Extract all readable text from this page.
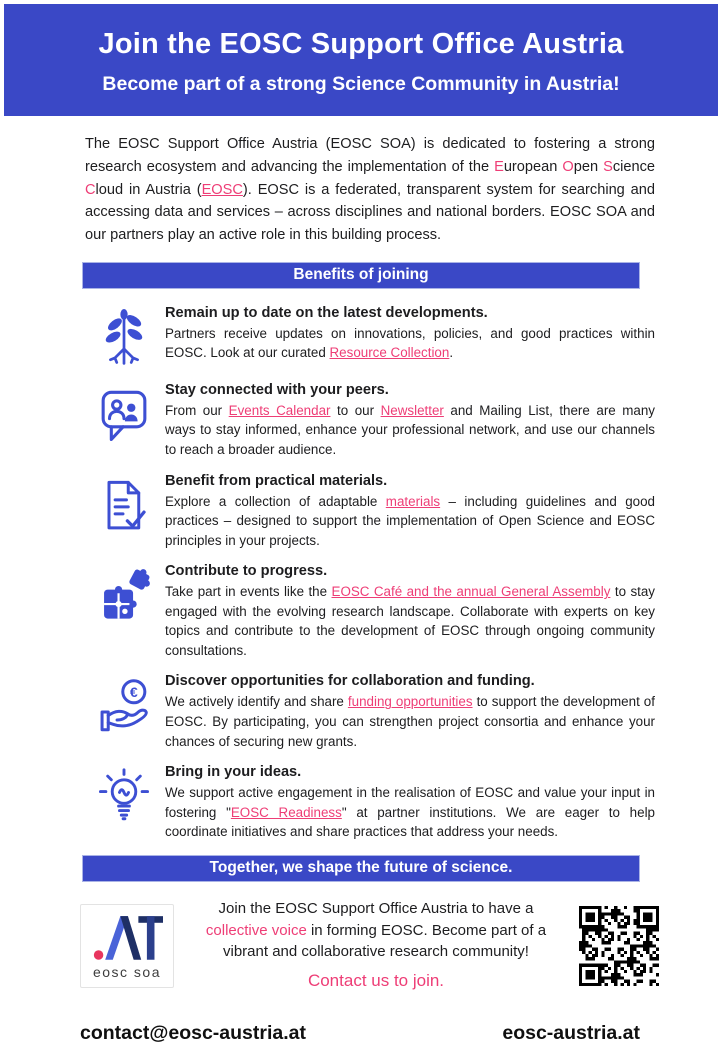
Join the EOSC Support Office Austria
Become part of a strong Science Community in Austria!

The EOSC Support Office Austria (EOSC SOA) is dedicated to fostering a strong research ecosystem and advancing the implementation of the European Open Science Cloud in Austria (EOSC). EOSC is a federated, transparent system for searching and accessing data and services – across disciplines and national borders. EOSC SOA and our partners play an active role in this building process.

Benefits of joining
Remain up to date on the latest developments.

Partners receive updates on innovations, policies, and good practices within EOSC. Look at our curated Resource Collection.

Stay connected with your peers.

From our Events Calendar to our Newsletter and Mailing List, there are many ways to stay informed, enhance your professional network, and use our channels to reach a broader audience.

Benefit from practical materials.

Explore a collection of adaptable materials – including guidelines and good practices – designed to support the implementation of Open Science and EOSC principles in your projects.

Contribute to progress.

Take part in events like the EOSC Café and the annual General Assembly to stay engaged with the evolving research landscape. Collaborate with experts on key topics and contribute to the development of EOSC through ongoing community consultations.

€
Discover opportunities for collaboration and funding.

We actively identify and share funding opportunities to support the development of EOSC. By participating, you can strengthen project consortia and enhance your chances of securing new grants.

Bring in your ideas.

We support active engagement in the realisation of EOSC and value your input in fostering "EOSC Readiness" at partner institutions. We are eager to help coordinate initiatives and share practices that address your needs.

Together, we shape the future of science.
eosc soa

Join the EOSC Support Office Austria to have a collective voice in forming EOSC. Become part of a vibrant and collaborative research community!

Contact us to join.
contact@eosc-austria.at	eosc-austria.at
